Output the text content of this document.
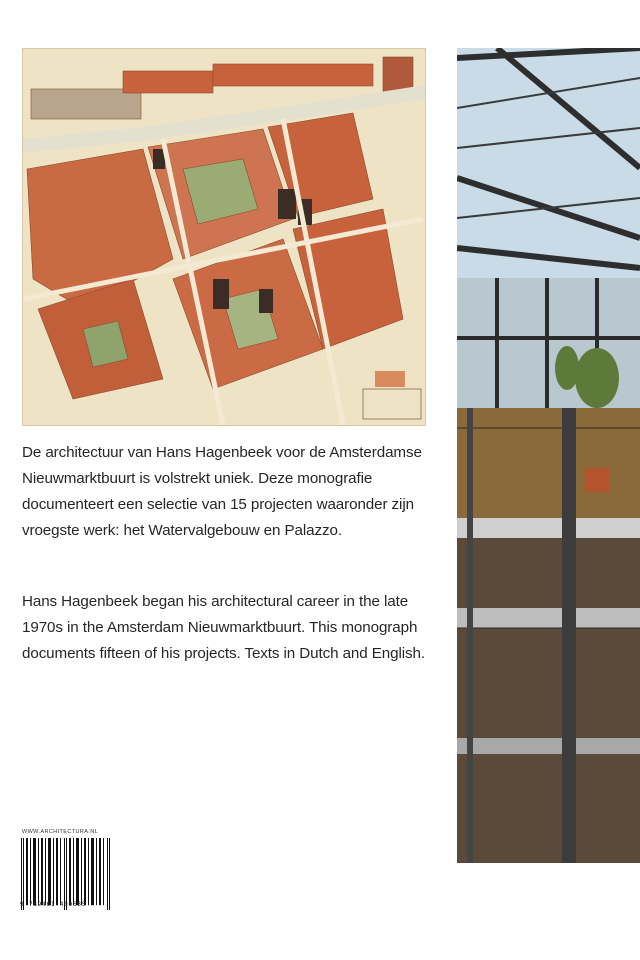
De architectuur van Hans Hagenbeek voor de Amsterdamse Nieuwmarktbuurt is volstrekt uniek. Deze monografie documenteert een selectie van 15 projecten waaronder zijn vroegste werk: het Watervalgebouw en Palazzo.

Hans Hagenbeek began his architectural career in the late 1970s in the Amsterdam Nieuwmarktbuurt. This monograph documents fifteen of his projects. Texts in Dutch and English.

WWW.ARCHITECTURA.NL
9 789461 400635
